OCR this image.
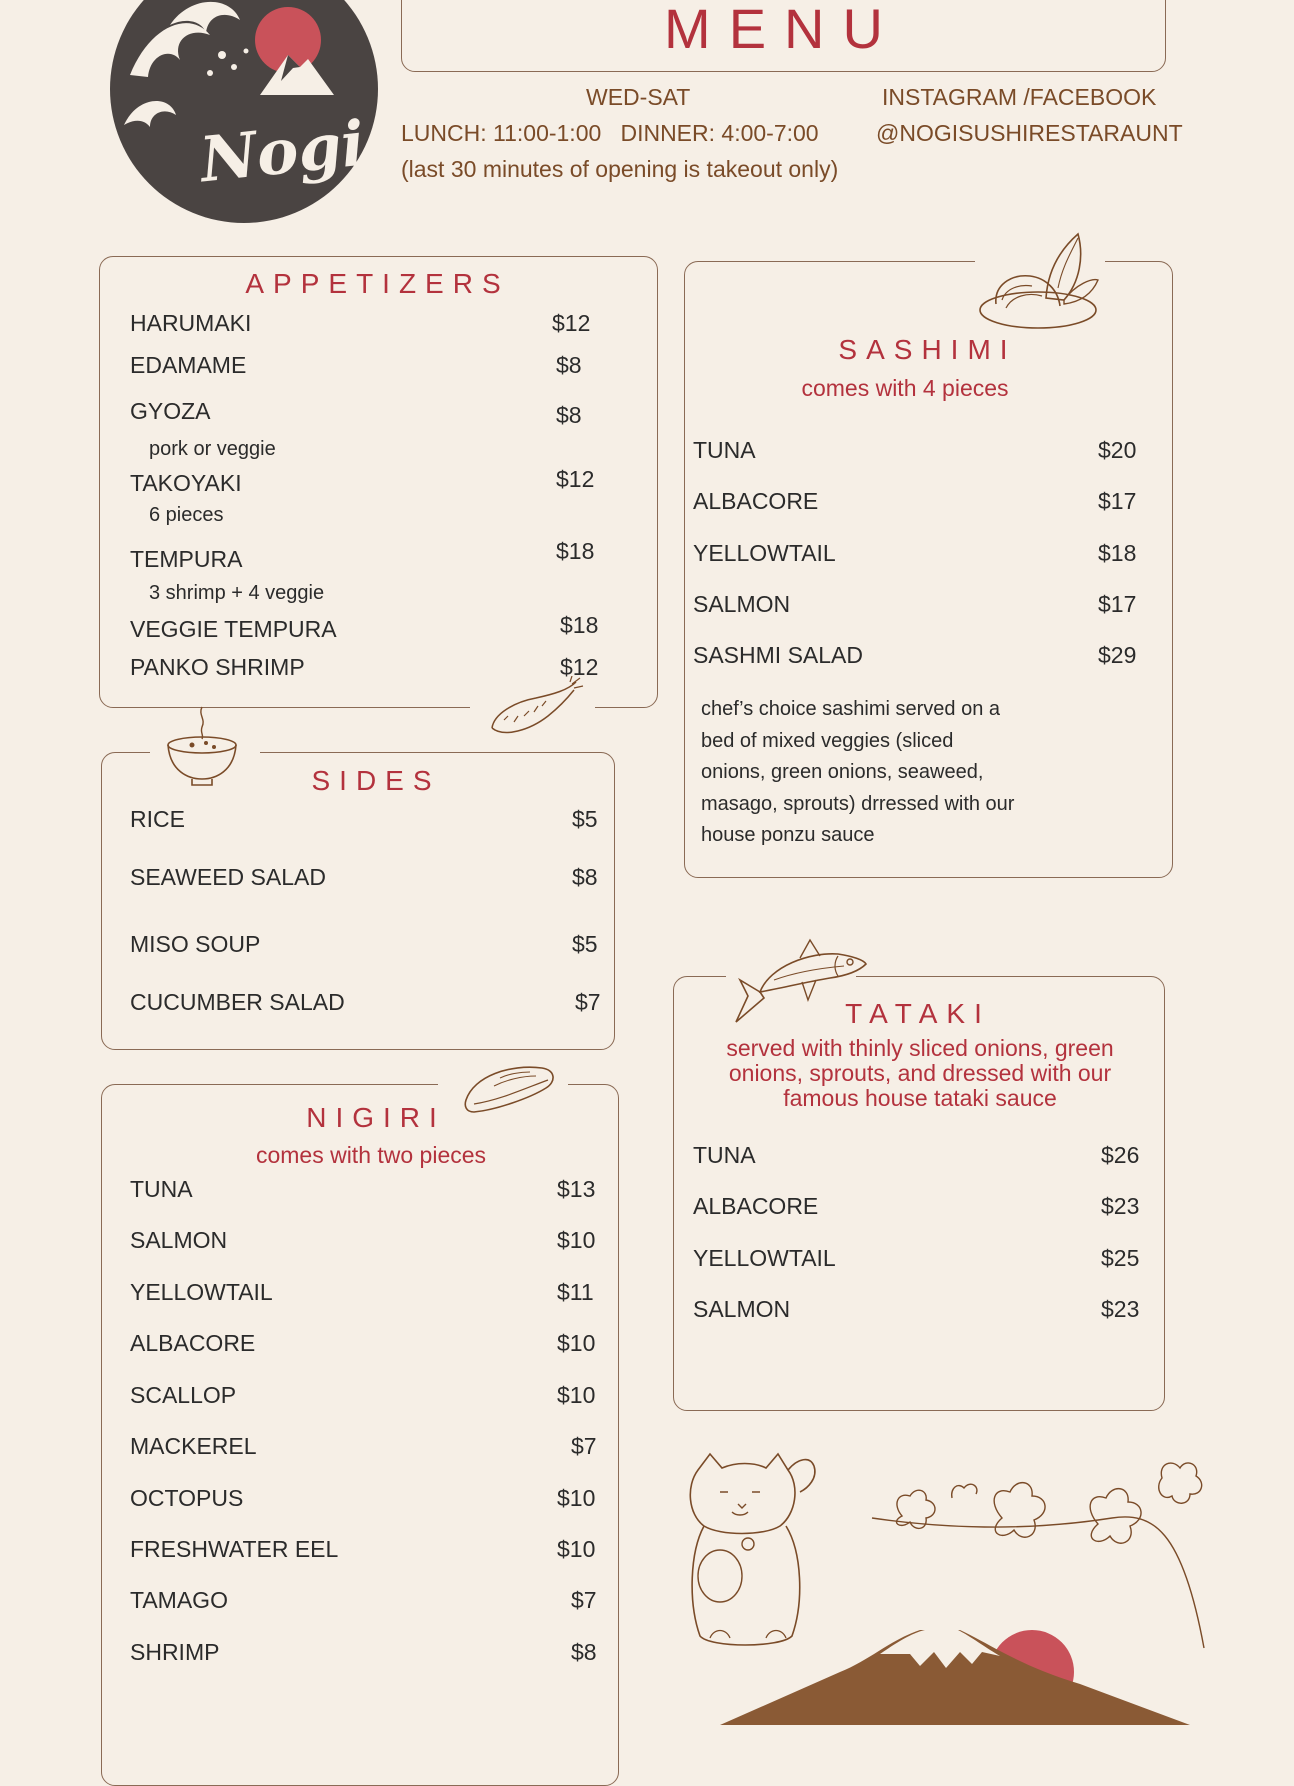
Nogi
MENU
WED-SAT
LUNCH: 11:00-1:00   DINNER: 4:00-7:00
(last 30 minutes of opening is takeout only)
INSTAGRAM /FACEBOOK
@NOGISUSHIRESTARAUNT
APPETIZERS
HARUMAKI	$12
EDAMAME	$8
GYOZA	$8
pork or veggie
TAKOYAKI	$12
6 pieces
TEMPURA	$18
3 shrimp + 4 veggie
VEGGIE TEMPURA	$18
PANKO SHRIMP	$12
SIDES
RICE	$5
SEAWEED SALAD	$8
MISO SOUP	$5
CUCUMBER SALAD	$7
NIGIRI
comes with two pieces
TUNA	$13
SALMON	$10
YELLOWTAIL	$11
ALBACORE	$10
SCALLOP	$10
MACKEREL	$7
OCTOPUS	$10
FRESHWATER EEL	$10
TAMAGO	$7
SHRIMP	$8
SASHIMI
comes with 4 pieces
TUNA	$20
ALBACORE	$17
YELLOWTAIL	$18
SALMON	$17
SASHMI SALAD	$29
chef’s choice sashimi served on a
bed of mixed veggies (sliced
onions, green onions, seaweed,
masago, sprouts) drressed with our
house ponzu sauce
TATAKI
served with thinly sliced onions, green
onions, sprouts, and dressed with our
famous house tataki sauce
TUNA	$26
ALBACORE	$23
YELLOWTAIL	$25
SALMON	$23
